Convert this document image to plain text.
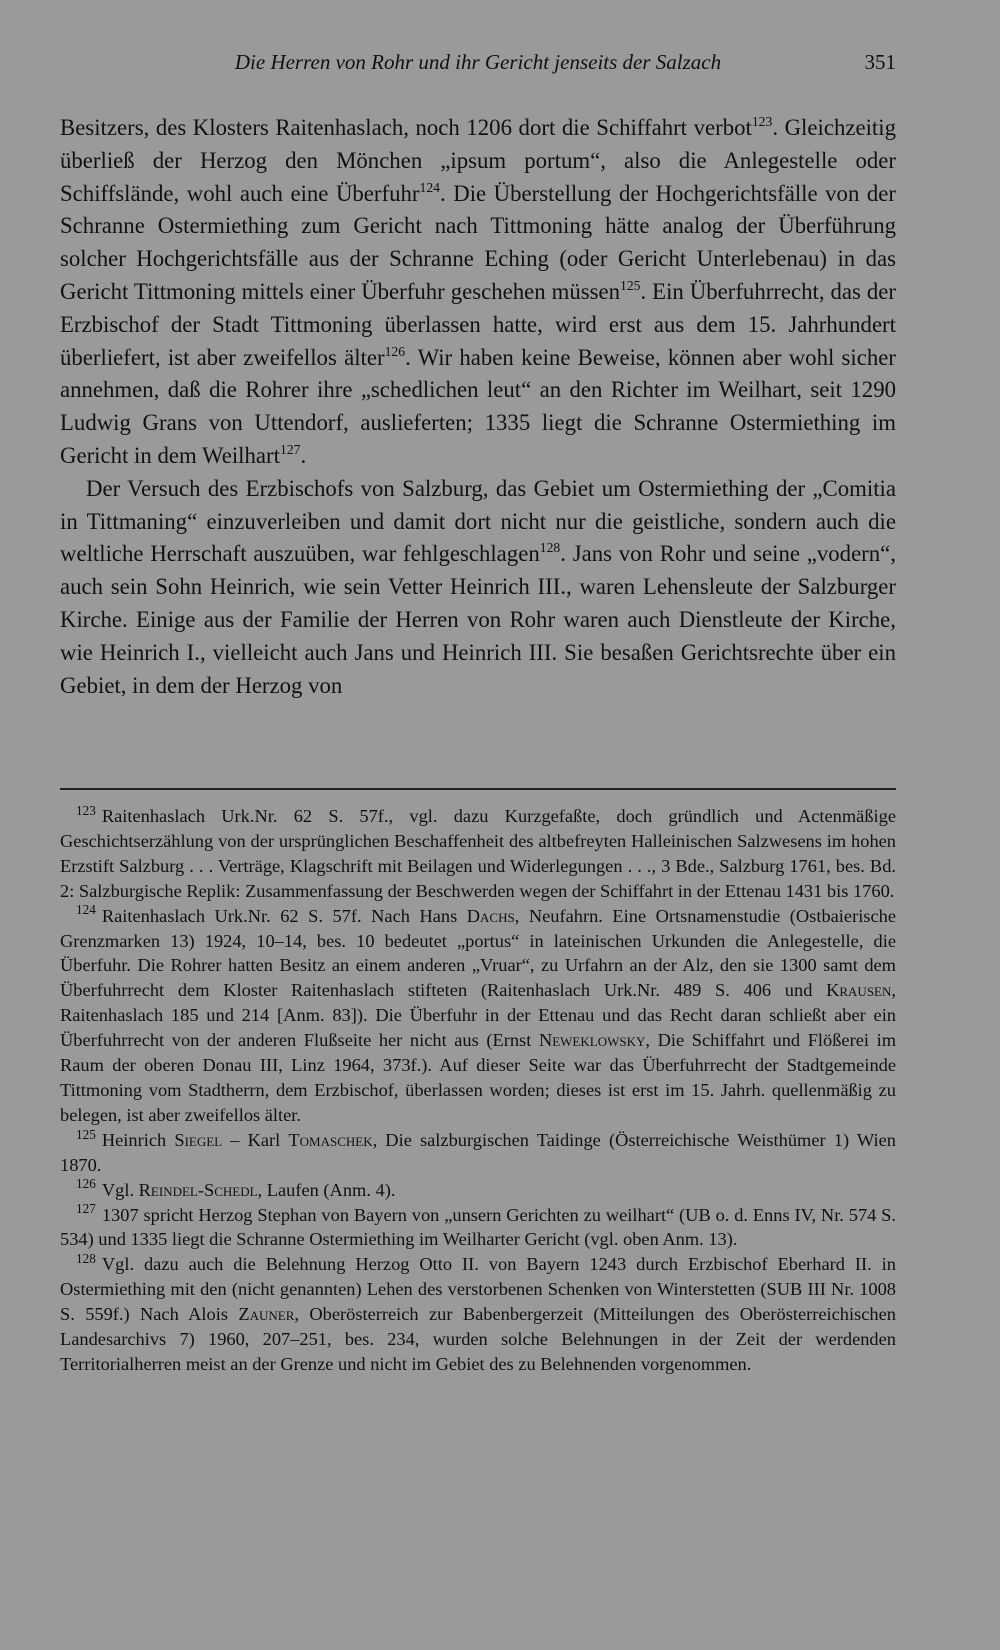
Die Herren von Rohr und ihr Gericht jenseits der Salzach	351

Besitzers, des Klosters Raitenhaslach, noch 1206 dort die Schiffahrt verbot$^{123}$. Gleichzeitig überließ der Herzog den Mönchen „ipsum portum“, also die Anlegestelle oder Schiffslände, wohl auch eine Überfuhr$^{124}$. Die Überstellung der Hochgerichtsfälle von der Schranne Ostermiething zum Gericht nach Tittmoning hätte analog der Überführung solcher Hochgerichtsfälle aus der Schranne Eching (oder Gericht Unterlebenau) in das Gericht Tittmoning mittels einer Überfuhr geschehen müssen$^{125}$. Ein Überfuhrrecht, das der Erzbischof der Stadt Tittmoning überlassen hatte, wird erst aus dem 15. Jahrhundert überliefert, ist aber zweifellos älter$^{126}$. Wir haben keine Beweise, können aber wohl sicher annehmen, daß die Rohrer ihre „schedlichen leut“ an den Richter im Weilhart, seit 1290 Ludwig Grans von Uttendorf, auslieferten; 1335 liegt die Schranne Ostermiething im Gericht in dem Weilhart$^{127}$.

Der Versuch des Erzbischofs von Salzburg, das Gebiet um Ostermiething der „Comitia in Tittmaning“ einzuverleiben und damit dort nicht nur die geistliche, sondern auch die weltliche Herrschaft auszuüben, war fehlgeschlagen$^{128}$. Jans von Rohr und seine „vodern“, auch sein Sohn Heinrich, wie sein Vetter Heinrich III., waren Lehensleute der Salzburger Kirche. Einige aus der Familie der Herren von Rohr waren auch Dienstleute der Kirche, wie Heinrich I., vielleicht auch Jans und Heinrich III. Sie besaßen Gerichtsrechte über ein Gebiet, in dem der Herzog von

$^{123}$ Raitenhaslach Urk.Nr. 62 S. 57f., vgl. dazu Kurzgefaßte, doch gründlich und Actenmäßige Geschichtserzählung von der ursprünglichen Beschaffenheit des altbefreyten Halleinischen Salzwesens im hohen Erzstift Salzburg . . . Verträge, Klagschrift mit Beilagen und Widerlegungen . . ., 3 Bde., Salzburg 1761, bes. Bd. 2: Salzburgische Replik: Zusammenfassung der Beschwerden wegen der Schiffahrt in der Ettenau 1431 bis 1760.

$^{124}$ Raitenhaslach Urk.Nr. 62 S. 57f. Nach Hans Dachs, Neufahrn. Eine Ortsnamenstudie (Ostbaierische Grenzmarken 13) 1924, 10–14, bes. 10 bedeutet „portus“ in lateinischen Urkunden die Anlegestelle, die Überfuhr. Die Rohrer hatten Besitz an einem anderen „Vruar“, zu Urfahrn an der Alz, den sie 1300 samt dem Überfuhrrecht dem Kloster Raitenhaslach stifteten (Raitenhaslach Urk.Nr. 489 S. 406 und Krausen, Raitenhaslach 185 und 214 [Anm. 83]). Die Überfuhr in der Ettenau und das Recht daran schließt aber ein Überfuhrrecht von der anderen Flußseite her nicht aus (Ernst Neweklowsky, Die Schiffahrt und Flößerei im Raum der oberen Donau III, Linz 1964, 373f.). Auf dieser Seite war das Überfuhrrecht der Stadtgemeinde Tittmoning vom Stadtherrn, dem Erzbischof, überlassen worden; dieses ist erst im 15. Jahrh. quellenmäßig zu belegen, ist aber zweifellos älter.

$^{125}$ Heinrich Siegel – Karl Tomaschek, Die salzburgischen Taidinge (Österreichische Weisthümer 1) Wien 1870.

$^{126}$ Vgl. Reindel-Schedl, Laufen (Anm. 4).

$^{127}$ 1307 spricht Herzog Stephan von Bayern von „unsern Gerichten zu weilhart“ (UB o. d. Enns IV, Nr. 574 S. 534) und 1335 liegt die Schranne Ostermiething im Weilharter Gericht (vgl. oben Anm. 13).

$^{128}$ Vgl. dazu auch die Belehnung Herzog Otto II. von Bayern 1243 durch Erzbischof Eberhard II. in Ostermiething mit den (nicht genannten) Lehen des verstorbenen Schenken von Winterstetten (SUB III Nr. 1008 S. 559f.) Nach Alois Zauner, Oberösterreich zur Babenbergerzeit (Mitteilungen des Oberösterreichischen Landesarchivs 7) 1960, 207–251, bes. 234, wurden solche Belehnungen in der Zeit der werdenden Territorialherren meist an der Grenze und nicht im Gebiet des zu Belehnenden vorgenommen.
